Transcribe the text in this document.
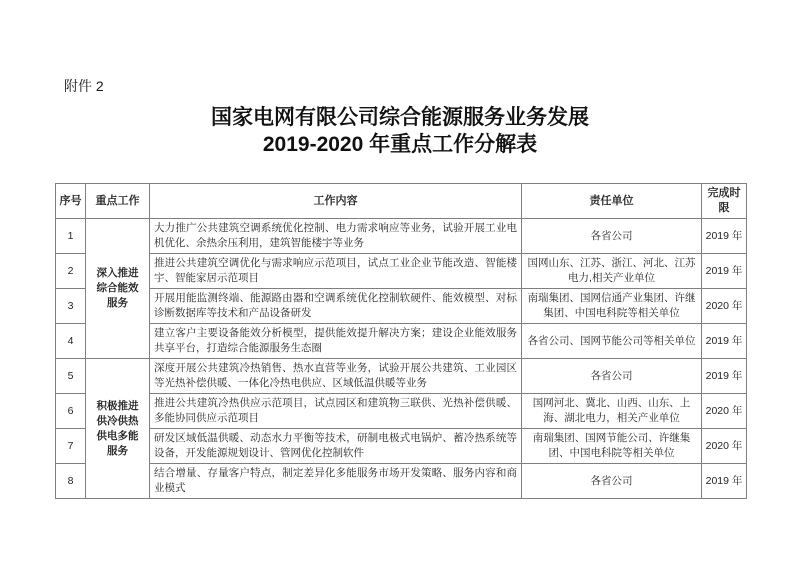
附件 2
国家电网有限公司综合能源服务业务发展
2019-2020 年重点工作分解表
序号	重点工作	工作内容	责任单位	完成时限
1	深入推进综合能效服务	大力推广公共建筑空调系统优化控制、电力需求响应等业务，试验开展工业电机优化、余热余压利用，建筑智能楼宇等业务	各省公司	2019 年
2		推进公共建筑空调优化与需求响应示范项目，试点工业企业节能改造、智能楼宇、智能家居示范项目	国网山东、江苏、浙江、河北、江苏电力,相关产业单位	2019 年
3		开展用能监测终端、能源路由器和空调系统优化控制软硬件、能效模型、对标诊断数据库等技术和产品设备研发	南瑞集团、国网信通产业集团、许继集团、中国电科院等相关单位	2020 年
4		建立客户主要设备能效分析模型，提供能效提升解决方案；建设企业能效服务共享平台，打造综合能源服务生态圈	各省公司、国网节能公司等相关单位	2019 年
5	积极推进供冷供热供电多能服务	深度开展公共建筑冷热销售、热水直营等业务，试验开展公共建筑、工业园区等光热补偿供暖、一体化冷热电供应、区域低温供暖等业务	各省公司	2019 年
6		推进公共建筑冷热供应示范项目，试点园区和建筑物三联供、光热补偿供暖、多能协同供应示范项目	国网河北、冀北、山西、山东、上海、湖北电力，相关产业单位	2020 年
7		研发区域低温供暖、动态水力平衡等技术，研制电极式电锅炉、蓄冷热系统等设备，开发能源规划设计、管网优化控制软件	南瑞集团、国网节能公司、许继集团、中国电科院等相关单位	2020 年
8		结合增量、存量客户特点，制定差异化多能服务市场开发策略、服务内容和商业模式	各省公司	2019 年
